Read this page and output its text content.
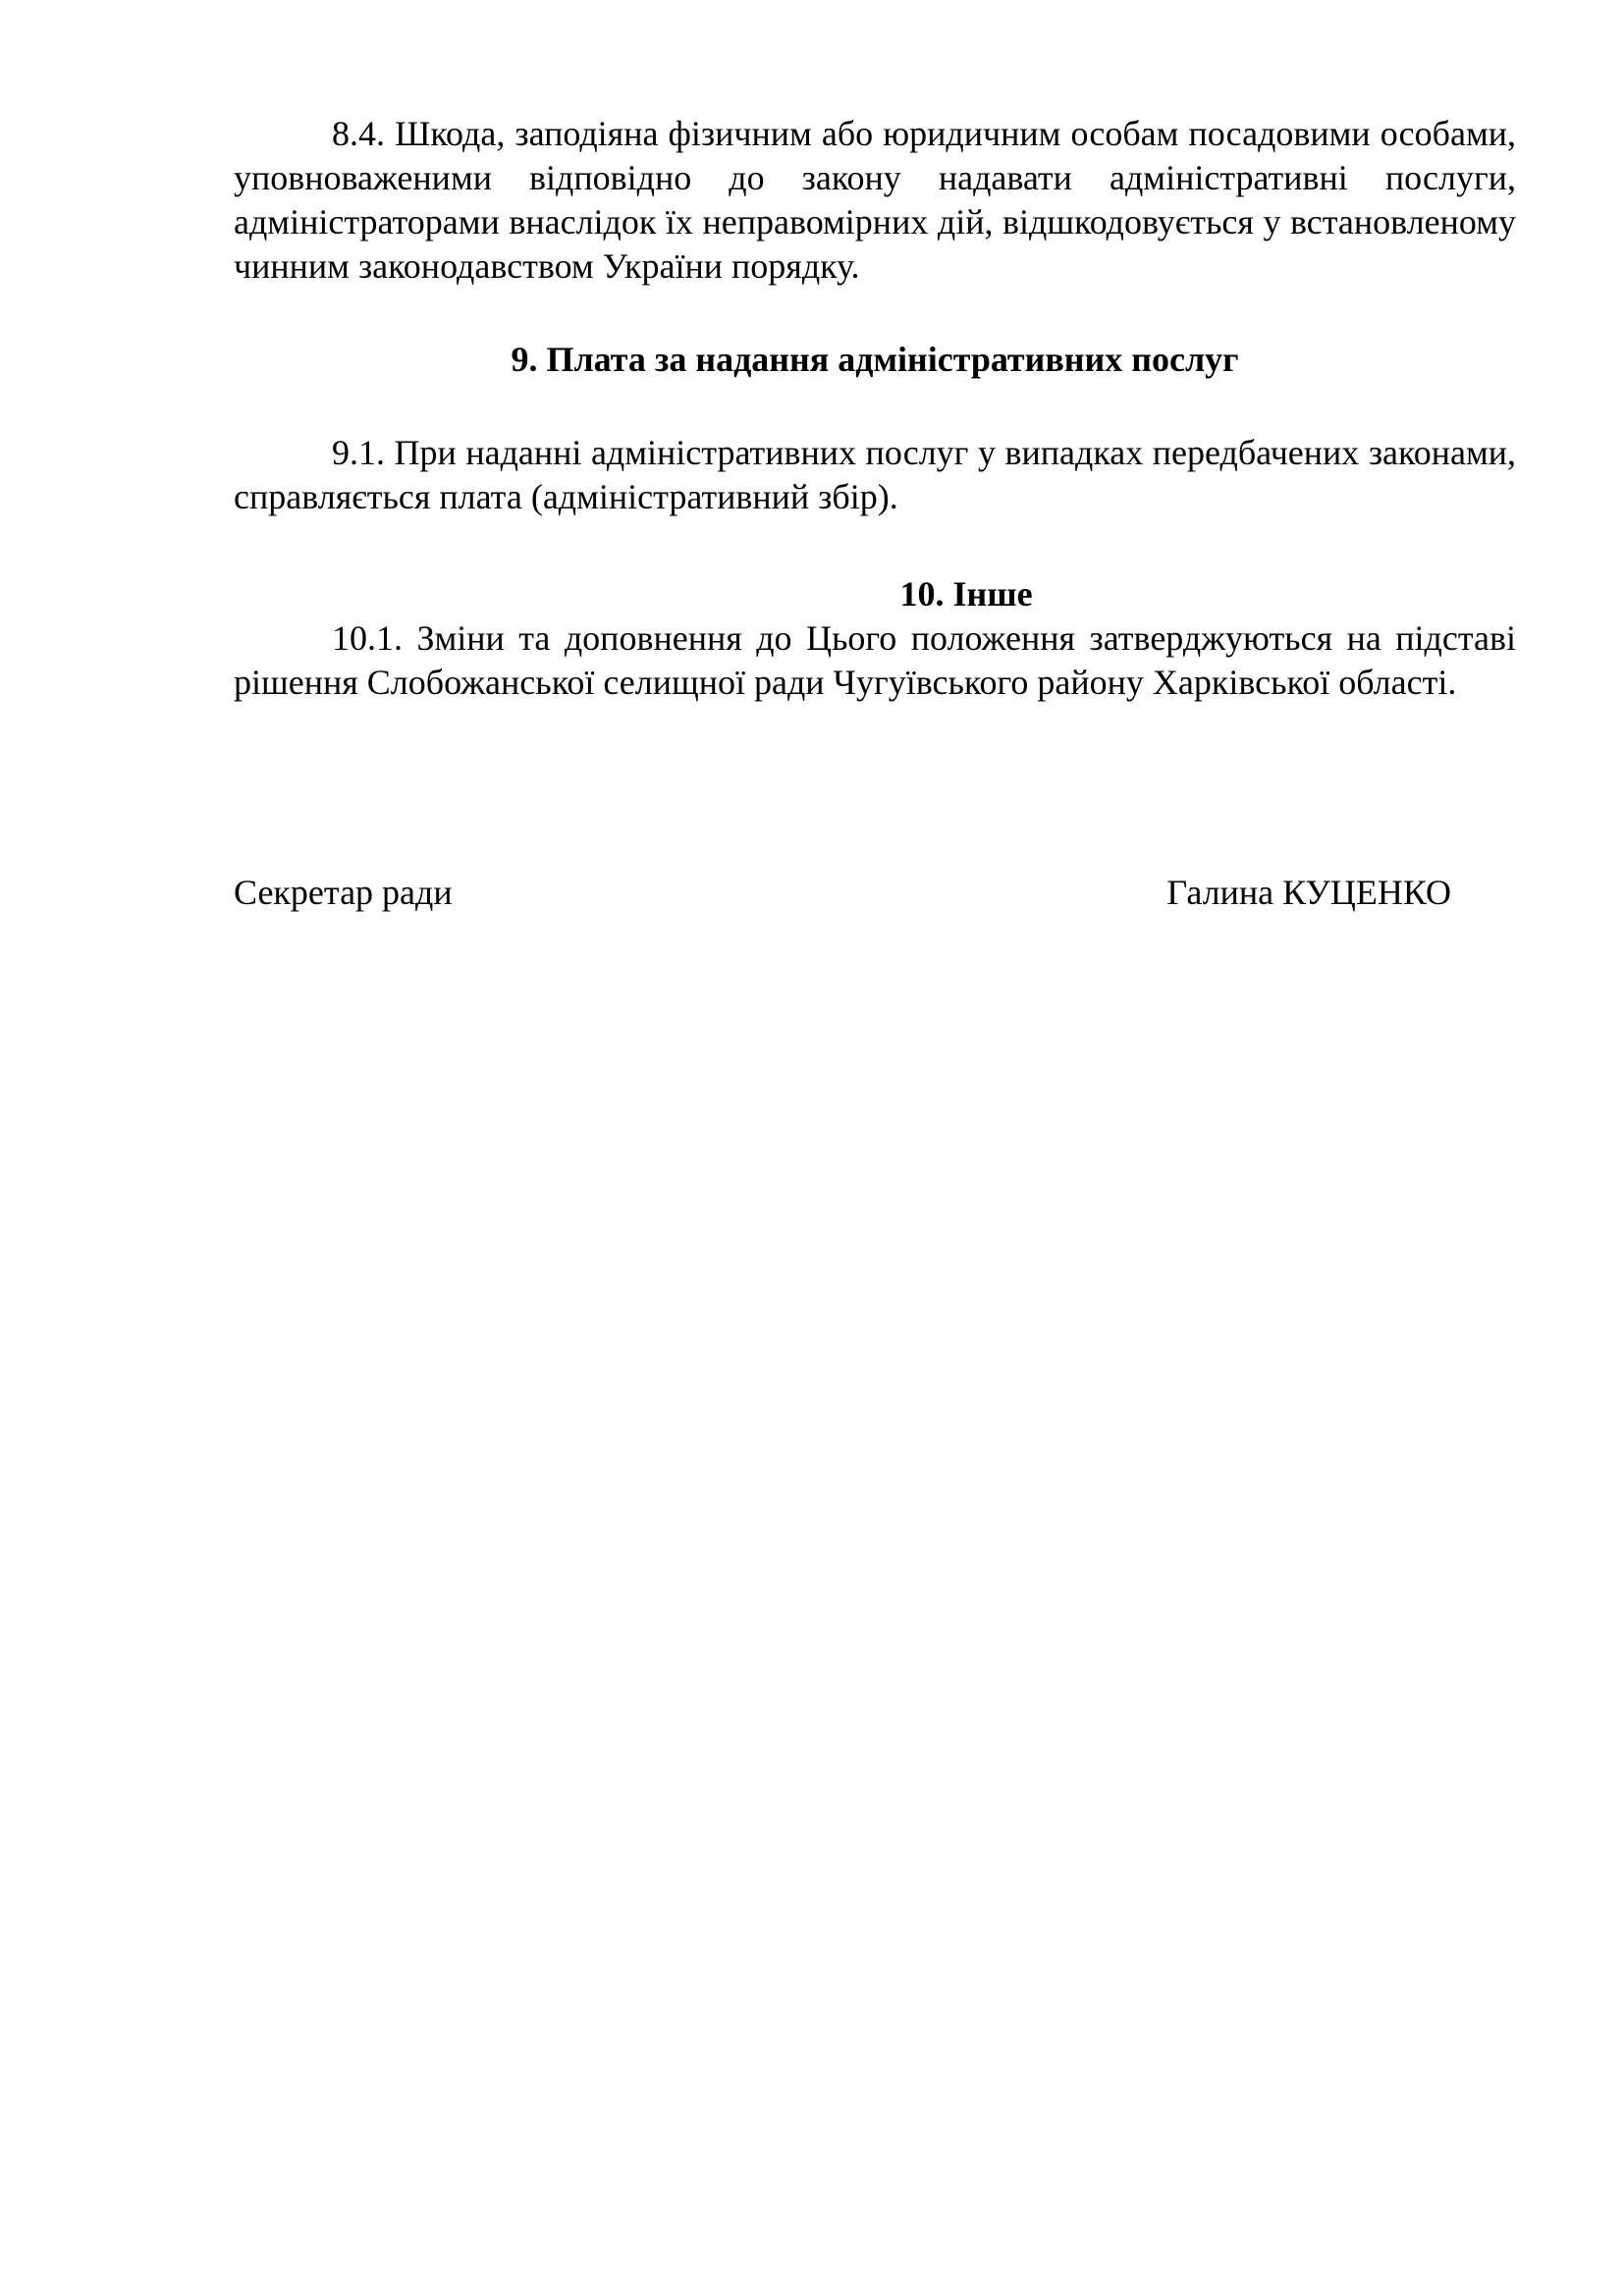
8.4. Шкода, заподіяна фізичним або юридичним особам посадовими особами, уповноваженими відповідно до закону надавати адміністративні послуги, адміністраторами внаслідок їх неправомірних дій, відшкодовується у встановленому чинним законодавством України порядку.

9. Плата за надання адміністративних послуг

9.1. При наданні адміністративних послуг у випадках передбачених законами, справляється плата (адміністративний збір).

10. Інше

10.1. Зміни та доповнення до Цього положення затверджуються на підставі рішення Слобожанської селищної ради Чугуївського району Харківської області.

Секретар ради	Галина КУЦЕНКО
